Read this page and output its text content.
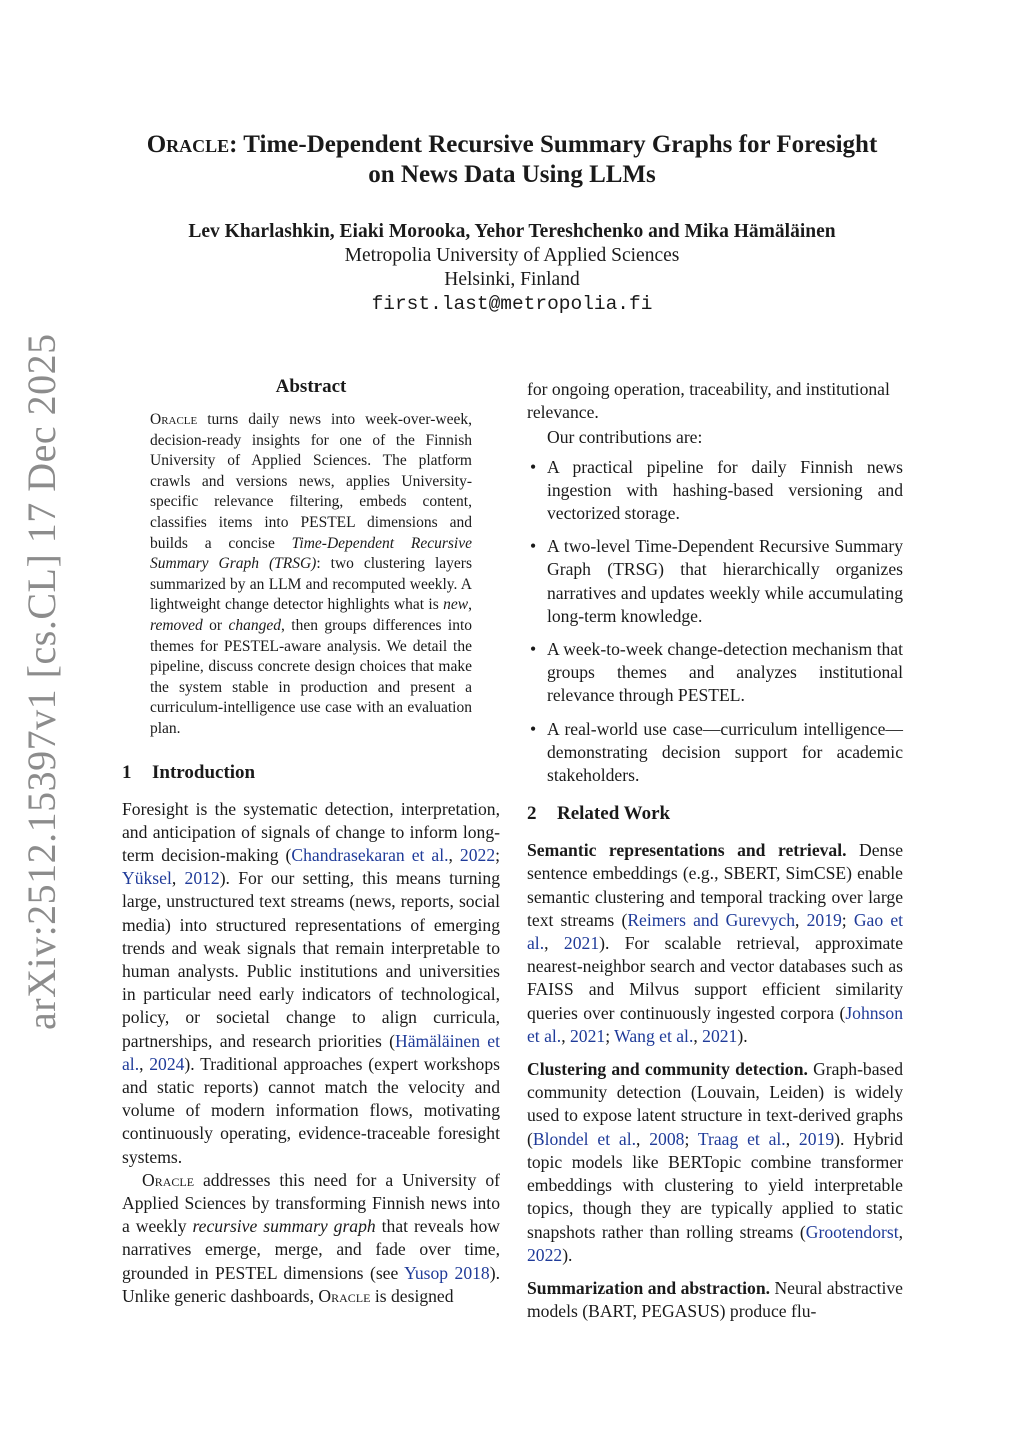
arXiv:2512.15397v1 [cs.CL] 17 Dec 2025
Oracle: Time-Dependent Recursive Summary Graphs for Foresight
on News Data Using LLMs
Lev Kharlashkin, Eiaki Morooka, Yehor Tereshchenko and Mika Hämäläinen
Metropolia University of Applied Sciences
Helsinki, Finland
first.last@metropolia.fi
Abstract

Oracle turns daily news into week-over-week, decision-ready insights for one of the Finnish University of Applied Sciences. The platform crawls and versions news, applies University-specific relevance filtering, embeds content, classifies items into PESTEL dimensions and builds a concise Time-Dependent Recursive Summary Graph (TRSG): two clustering layers summarized by an LLM and recomputed weekly. A lightweight change detector highlights what is new, removed or changed, then groups differences into themes for PESTEL-aware analysis. We detail the pipeline, discuss concrete design choices that make the system stable in production and present a curriculum-intelligence use case with an evaluation plan.

1 Introduction

Foresight is the systematic detection, interpretation, and anticipation of signals of change to inform long-term decision-making (Chandrasekaran et al., 2022; Yüksel, 2012). For our setting, this means turning large, unstructured text streams (news, reports, social media) into structured representations of emerging trends and weak signals that remain interpretable to human analysts. Public institutions and universities in particular need early indicators of technological, policy, or societal change to align curricula, partnerships, and research priorities (Hämäläinen et al., 2024). Traditional approaches (expert workshops and static reports) cannot match the velocity and volume of modern information flows, motivating continuously operating, evidence-traceable foresight systems.

Oracle addresses this need for a University of Applied Sciences by transforming Finnish news into a weekly recursive summary graph that reveals how narratives emerge, merge, and fade over time, grounded in PESTEL dimensions (see Yusop 2018). Unlike generic dashboards, Oracle is designed

for ongoing operation, traceability, and institutional relevance.

Our contributions are:

• A practical pipeline for daily Finnish news ingestion with hashing-based versioning and vectorized storage.
• A two-level Time-Dependent Recursive Summary Graph (TRSG) that hierarchically organizes narratives and updates weekly while accumulating long-term knowledge.
• A week-to-week change-detection mechanism that groups themes and analyzes institutional relevance through PESTEL.
• A real-world use case—curriculum intelligence—demonstrating decision support for academic stakeholders.
2 Related Work

Semantic representations and retrieval. Dense sentence embeddings (e.g., SBERT, SimCSE) enable semantic clustering and temporal tracking over large text streams (Reimers and Gurevych, 2019; Gao et al., 2021). For scalable retrieval, approximate nearest-neighbor search and vector databases such as FAISS and Milvus support efficient similarity queries over continuously ingested corpora (Johnson et al., 2021; Wang et al., 2021).

Clustering and community detection. Graph-based community detection (Louvain, Leiden) is widely used to expose latent structure in text-derived graphs (Blondel et al., 2008; Traag et al., 2019). Hybrid topic models like BERTopic combine transformer embeddings with clustering to yield interpretable topics, though they are typically applied to static snapshots rather than rolling streams (Grootendorst, 2022).

Summarization and abstraction. Neural abstractive models (BART, PEGASUS) produce flu-
